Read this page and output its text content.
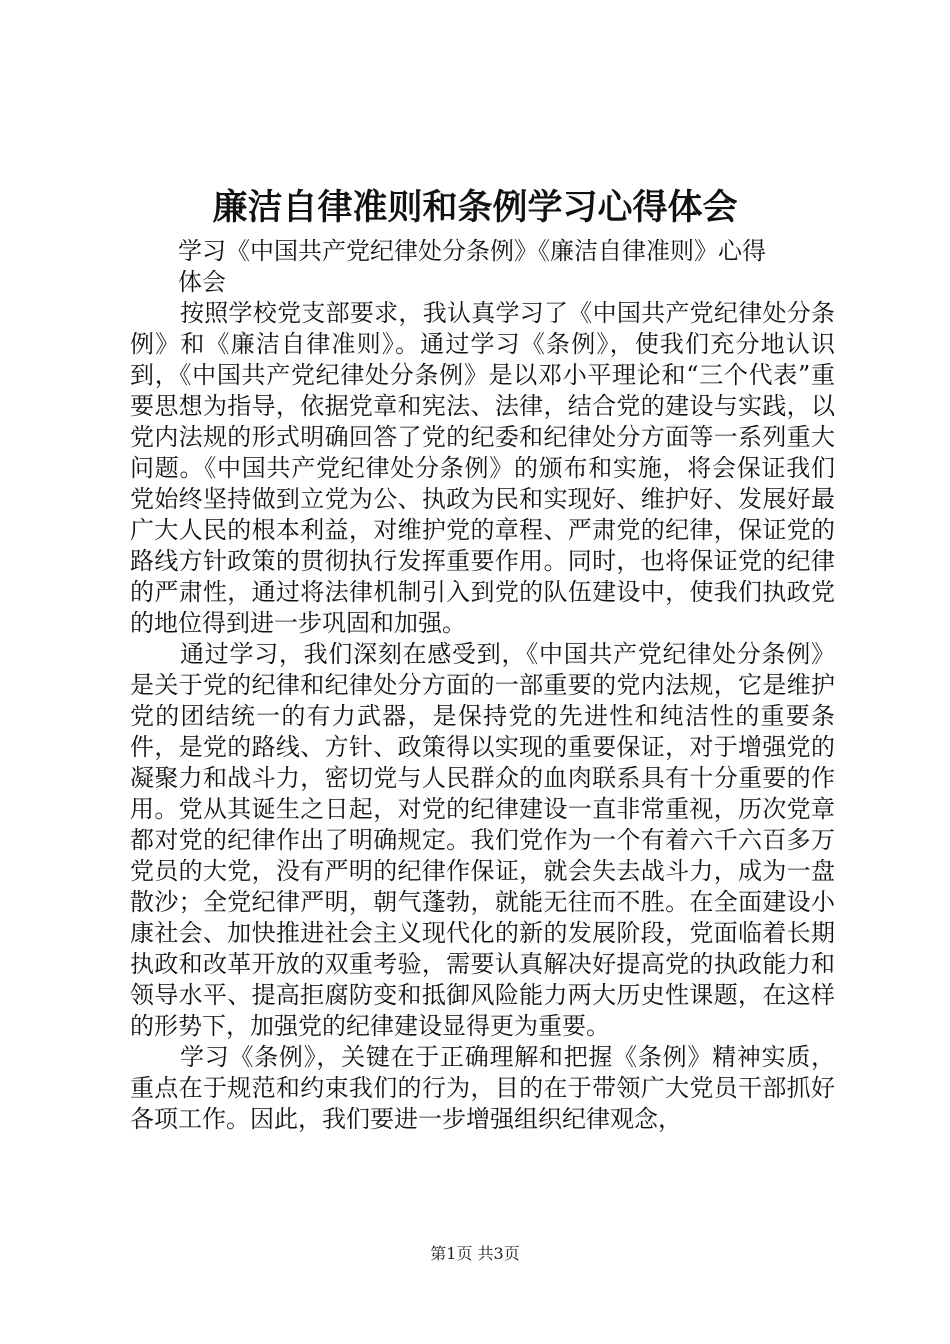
廉洁自律准则和条例学习心得体会

学习《中国共产党纪律处分条例》《廉洁自律准则》心得体会

按照学校党支部要求，我认真学习了《中国共产党纪律处分条例》和《廉洁自律准则》。通过学习《条例》，使我们充分地认识到，《中国共产党纪律处分条例》是以邓小平理论和“三个代表”重要思想为指导，依据党章和宪法、法律，结合党的建设与实践，以党内法规的形式明确回答了党的纪委和纪律处分方面等一系列重大问题。《中国共产党纪律处分条例》的颁布和实施，将会保证我们党始终坚持做到立党为公、执政为民和实现好、维护好、发展好最广大人民的根本利益，对维护党的章程、严肃党的纪律，保证党的路线方针政策的贯彻执行发挥重要作用。同时，也将保证党的纪律的严肃性，通过将法律机制引入到党的队伍建设中，使我们执政党的地位得到进一步巩固和加强。

通过学习，我们深刻在感受到，《中国共产党纪律处分条例》是关于党的纪律和纪律处分方面的一部重要的党内法规，它是维护党的团结统一的有力武器，是保持党的先进性和纯洁性的重要条件，是党的路线、方针、政策得以实现的重要保证，对于增强党的凝聚力和战斗力，密切党与人民群众的血肉联系具有十分重要的作用。党从其诞生之日起，对党的纪律建设一直非常重视，历次党章都对党的纪律作出了明确规定。我们党作为一个有着六千六百多万党员的大党，没有严明的纪律作保证，就会失去战斗力，成为一盘散沙；全党纪律严明，朝气蓬勃，就能无往而不胜。在全面建设小康社会、加快推进社会主义现代化的新的发展阶段，党面临着长期执政和改革开放的双重考验，需要认真解决好提高党的执政能力和领导水平、提高拒腐防变和抵御风险能力两大历史性课题，在这样的形势下，加强党的纪律建设显得更为重要。

学习《条例》，关键在于正确理解和把握《条例》精神实质，重点在于规范和约束我们的行为，目的在于带领广大党员干部抓好各项工作。因此，我们要进一步增强组织纪律观念，

第1页 共3页
